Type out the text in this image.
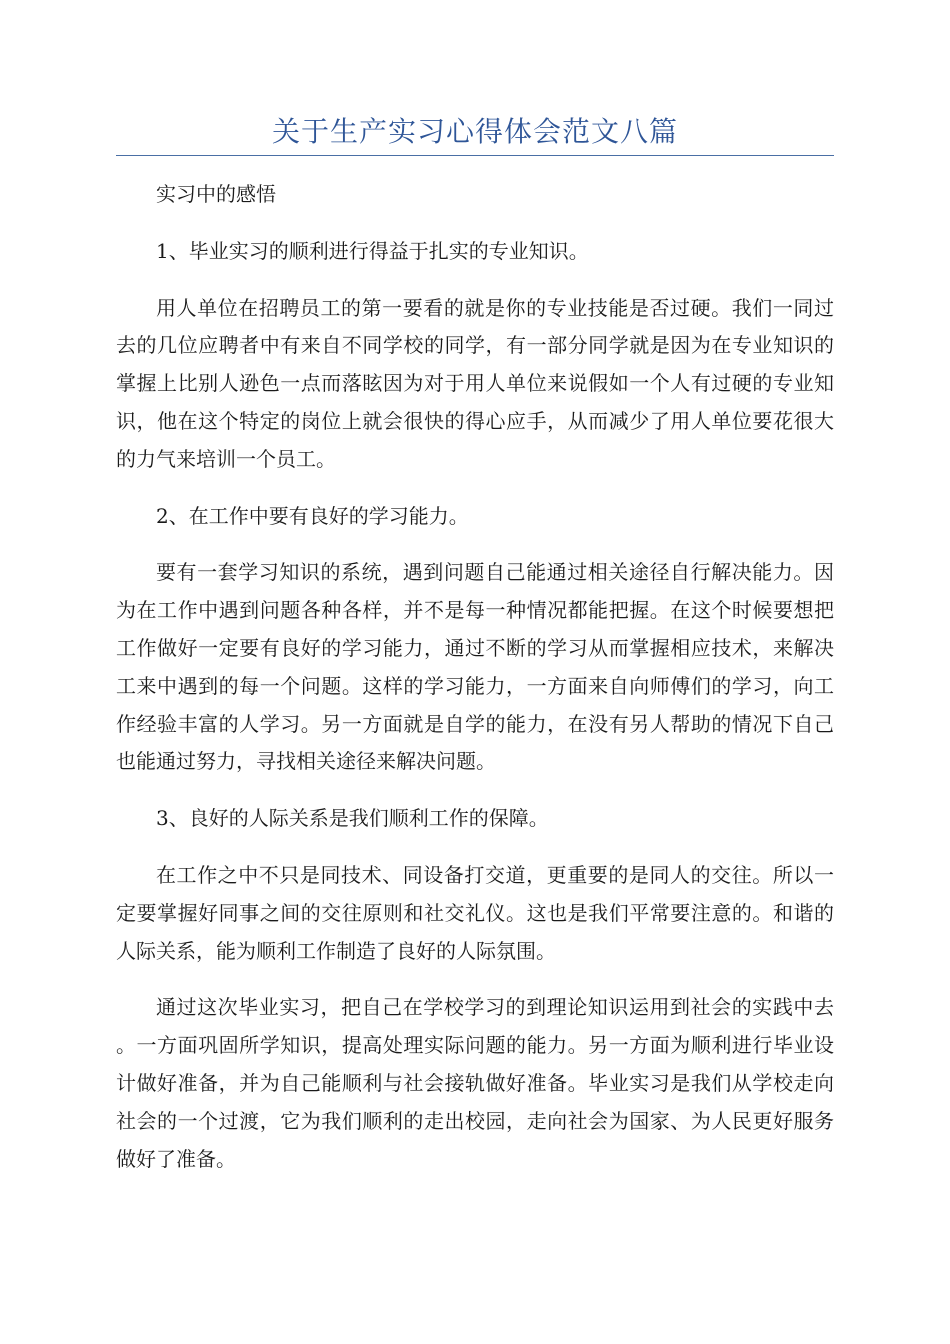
关于生产实习心得体会范文八篇

实习中的感悟

1、毕业实习的顺利进行得益于扎实的专业知识。

用人单位在招聘员工的第一要看的就是你的专业技能是否过硬。我们一同过去的几位应聘者中有来自不同学校的同学，有一部分同学就是因为在专业知识的掌握上比别人逊色一点而落眩因为对于用人单位来说假如一个人有过硬的专业知识，他在这个特定的岗位上就会很快的得心应手，从而减少了用人单位要花很大的力气来培训一个员工。

2、在工作中要有良好的学习能力。

要有一套学习知识的系统，遇到问题自己能通过相关途径自行解决能力。因为在工作中遇到问题各种各样，并不是每一种情况都能把握。在这个时候要想把工作做好一定要有良好的学习能力，通过不断的学习从而掌握相应技术，来解决工来中遇到的每一个问题。这样的学习能力，一方面来自向师傅们的学习，向工作经验丰富的人学习。另一方面就是自学的能力，在没有另人帮助的情况下自己也能通过努力，寻找相关途径来解决问题。

3、良好的人际关系是我们顺利工作的保障。

在工作之中不只是同技术、同设备打交道，更重要的是同人的交往。所以一定要掌握好同事之间的交往原则和社交礼仪。这也是我们平常要注意的。和谐的人际关系，能为顺利工作制造了良好的人际氛围。

通过这次毕业实习，把自己在学校学习的到理论知识运用到社会的实践中去。一方面巩固所学知识，提高处理实际问题的能力。另一方面为顺利进行毕业设计做好准备，并为自己能顺利与社会接轨做好准备。毕业实习是我们从学校走向社会的一个过渡，它为我们顺利的走出校园，走向社会为国家、为人民更好服务做好了准备。
